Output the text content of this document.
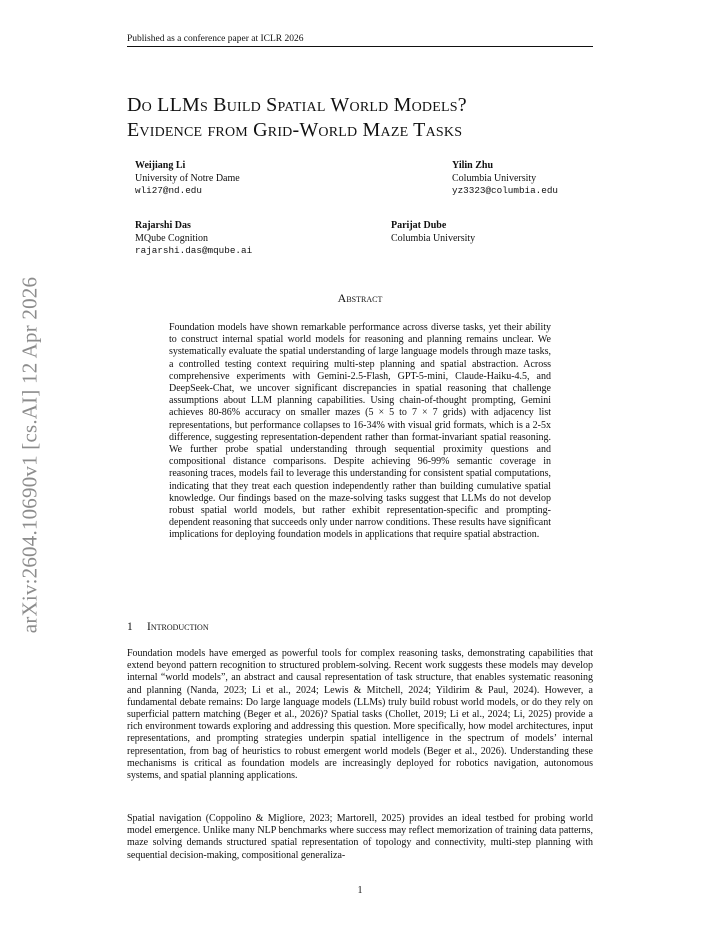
Published as a conference paper at ICLR 2026
arXiv:2604.10690v1 [cs.AI] 12 Apr 2026
Do LLMs Build Spatial World Models?
Evidence from Grid-World Maze Tasks
Weijiang Li
University of Notre Dame
wli27@nd.edu
Yilin Zhu
Columbia University
yz3323@columbia.edu
Rajarshi Das
MQube Cognition
rajarshi.das@mqube.ai
Parijat Dube
Columbia University
Abstract
Foundation models have shown remarkable performance across diverse tasks, yet their ability to construct internal spatial world models for reasoning and planning remains unclear. We systematically evaluate the spatial understanding of large language models through maze tasks, a controlled testing context requiring multi-step planning and spatial abstraction. Across comprehensive experiments with Gemini-2.5-Flash, GPT-5-mini, Claude-Haiku-4.5, and DeepSeek-Chat, we uncover significant discrepancies in spatial reasoning that challenge assumptions about LLM planning capabilities. Using chain-of-thought prompting, Gemini achieves 80-86% accuracy on smaller mazes (5 × 5 to 7 × 7 grids) with adjacency list representations, but performance collapses to 16-34% with visual grid formats, which is a 2-5x difference, suggesting representation-dependent rather than format-invariant spatial reasoning. We further probe spatial understanding through sequential proximity questions and compositional distance comparisons. Despite achieving 96-99% semantic coverage in reasoning traces, models fail to leverage this understanding for consistent spatial computations, indicating that they treat each question independently rather than building cumulative spatial knowledge. Our findings based on the maze-solving tasks suggest that LLMs do not develop robust spatial world models, but rather exhibit representation-specific and prompting-dependent reasoning that succeeds only under narrow conditions. These results have significant implications for deploying foundation models in applications that require spatial abstraction.
1 Introduction
Foundation models have emerged as powerful tools for complex reasoning tasks, demonstrating capabilities that extend beyond pattern recognition to structured problem-solving. Recent work suggests these models may develop internal “world models”, an abstract and causal representation of task structure, that enables systematic reasoning and planning (Nanda, 2023; Li et al., 2024; Lewis & Mitchell, 2024; Yildirim & Paul, 2024). However, a fundamental debate remains: Do large language models (LLMs) truly build robust world models, or do they rely on superficial pattern matching (Beger et al., 2026)? Spatial tasks (Chollet, 2019; Li et al., 2024; Li, 2025) provide a rich environment towards exploring and addressing this question. More specifically, how model architectures, input representations, and prompting strategies underpin spatial intelligence in the spectrum of models’ internal representation, from bag of heuristics to robust emergent world models (Beger et al., 2026). Understanding these mechanisms is critical as foundation models are increasingly deployed for robotics navigation, autonomous systems, and spatial planning applications.
Spatial navigation (Coppolino & Migliore, 2023; Martorell, 2025) provides an ideal testbed for probing world model emergence. Unlike many NLP benchmarks where success may reflect memorization of training data patterns, maze solving demands structured spatial representation of topology and connectivity, multi-step planning with sequential decision-making, compositional generaliza-
1
